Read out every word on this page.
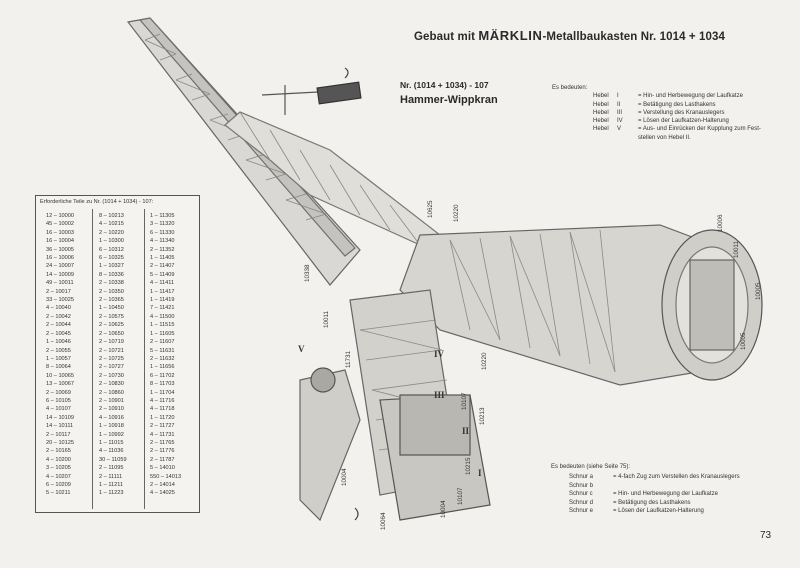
Gebaut mit MÄRKLIN-Metallbaukasten Nr. 1014 + 1034
Nr. (1014 + 1034) - 107
Hammer-Wippkran
Es bedeuten:
Hebel	I	= Hin- und Herbewegung der Laufkatze
Hebel	II	= Betätigung des Lasthakens
Hebel	III	= Verstellung des Kranauslegers
Hebel	IV	= Lösen der Laufkatzen-Halterung
Hebel	V	= Aus- und Einrücken der Kupplung zum Fest-
stellen von Hebel II.
Erforderliche Teile zu Nr. (1014 + 1034) - 107:
12 – 10000
45 – 10002
16 – 10003
16 – 10004
36 – 10005
16 – 10006
24 – 10007
14 – 10009
49 – 10011
2 – 10017
33 – 10025
4 – 10040
2 – 10042
2 – 10044
2 – 10045
1 – 10046
2 – 10055
1 – 10057
8 – 10064
10 – 10065
13 – 10067
2 – 10069
6 – 10105
4 – 10107
14 – 10109
14 – 10111
2 – 10117
20 – 10125
2 – 10165
4 – 10200
3 – 10205
4 – 10207
6 – 10209
5 – 10211
8 – 10213
4 – 10215
2 – 10220
1 – 10300
6 – 10312
6 – 10325
1 – 10327
8 – 10336
2 – 10338
2 – 10350
2 – 10365
1 – 10450
2 – 10575
2 – 10625
2 – 10650
2 – 10719
2 – 10721
2 – 10725
2 – 10727
2 – 10730
2 – 10830
2 – 10860
2 – 10901
2 – 10910
4 – 10916
1 – 10918
1 – 10992
1 – 11015
4 – 11036
30 – 11059
2 – 11095
2 – 11111
1 – 11211
1 – 11223
1 – 11305
3 – 11320
6 – 11330
4 – 11340
2 – 11352
1 – 11405
2 – 11407
5 – 11409
4 – 11411
1 – 11417
1 – 11419
7 – 11421
4 – 11500
1 – 11515
1 – 11605
2 – 11607
5 – 11631
2 – 11632
1 – 11656
6 – 11702
8 – 11703
1 – 11704
4 – 11716
4 – 11718
1 – 11720
2 – 11727
4 – 11731
2 – 11765
2 – 11776
2 – 11787
5 – 14010
550 – 14013
2 – 14014
4 – 14025
10625	10220
10006
10011
10338
10011
10005
10005
11731	10220
10107
10213
10215
10107
10004
10064
10004
V	IV
III
II
I
Es bedeuten (siehe Seite 75):
Schnur a	= 4-fach Zug zum Verstellen des Kranauslegers
Schnur b
Schnur c	= Hin- und Herbewegung der Laufkatze
Schnur d	= Betätigung des Lasthakens
Schnur e	= Lösen der Laufkatzen-Halterung
73
